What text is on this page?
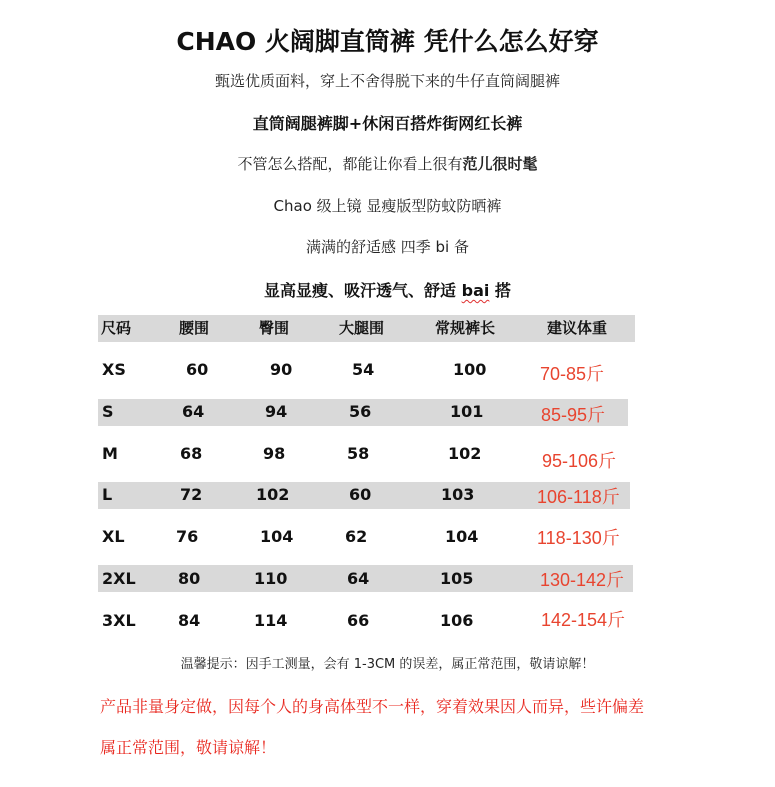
CHAO 火阔脚直筒裤 凭什么怎么好穿
甄选优质面料，穿上不舍得脱下来的牛仔直筒阔腿裤
直筒阔腿裤脚+休闲百搭炸街网红长裤
不管怎么搭配，都能让你看上很有范儿很时髦
Chao 级上镜 显瘦版型防蚊防晒裤
满满的舒适感 四季 bi 备
显高显瘦、吸汗透气、舒适 bai 搭
尺码	腰围	臀围	大腿围	常规裤长	建议体重
XS	60	90	54	100	70-85斤
S	64	94	56	101	85-95斤
M	68	98	58	102	95-106斤
L	72	102	60	103	106-118斤
XL	76	104	62	104	118-130斤
2XL	80	110	64	105	130-142斤
3XL	84	114	66	106	142-154斤
温馨提示：因手工测量，会有 1-3CM 的误差，属正常范围，敬请谅解！
产品非量身定做，因每个人的身高体型不一样，穿着效果因人而异，些许偏差
属正常范围，敬请谅解！
